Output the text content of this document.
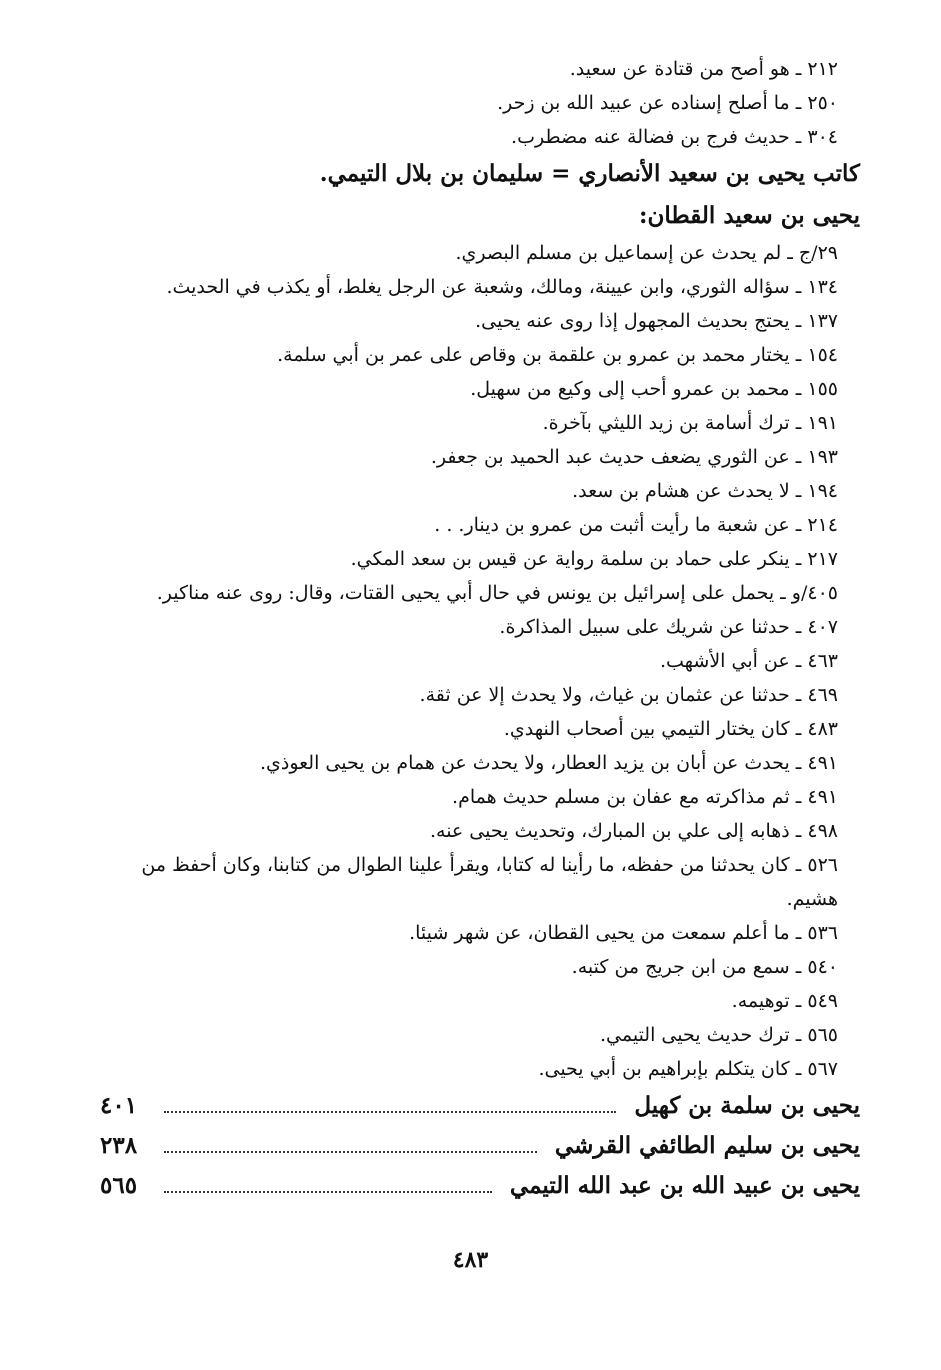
٢١٢ ـ هو أصح من قتادة عن سعيد.
٢٥٠ ـ ما أصلح إسناده عن عبيد الله بن زحر.
٣٠٤ ـ حديث فرج بن فضالة عنه مضطرب.
كاتب يحيى بن سعيد الأنصاري = سليمان بن بلال التيمي.
يحيى بن سعيد القطان:
٢٩/ج ـ لم يحدث عن إسماعيل بن مسلم البصري.
١٣٤ ـ سؤاله الثوري، وابن عيينة، ومالك، وشعبة عن الرجل يغلط، أو يكذب في الحديث.
١٣٧ ـ يحتج بحديث المجهول إذا روى عنه يحيى.
١٥٤ ـ يختار محمد بن عمرو بن علقمة بن وقاص على عمر بن أبي سلمة.
١٥٥ ـ محمد بن عمرو أحب إلى وكيع من سهيل.
١٩١ ـ ترك أسامة بن زيد الليثي بآخرة.
١٩٣ ـ عن الثوري يضعف حديث عبد الحميد بن جعفر.
١٩٤ ـ لا يحدث عن هشام بن سعد.
٢١٤ ـ عن شعبة ما رأيت أثبت من عمرو بن دينار. . .
٢١٧ ـ ينكر على حماد بن سلمة رواية عن قيس بن سعد المكي.
٤٠٥/و ـ يحمل على إسرائيل بن يونس في حال أبي يحيى القتات، وقال: روى عنه مناكير.
٤٠٧ ـ حدثنا عن شريك على سبيل المذاكرة.
٤٦٣ ـ عن أبي الأشهب.
٤٦٩ ـ حدثنا عن عثمان بن غياث، ولا يحدث إلا عن ثقة.
٤٨٣ ـ كان يختار التيمي بين أصحاب النهدي.
٤٩١ ـ يحدث عن أبان بن يزيد العطار، ولا يحدث عن همام بن يحيى العوذي.
٤٩١ ـ ثم مذاكرته مع عفان بن مسلم حديث همام.
٤٩٨ ـ ذهابه إلى علي بن المبارك، وتحديث يحيى عنه.
٥٢٦ ـ كان يحدثنا من حفظه، ما رأينا له كتابا، ويقرأ علينا الطوال من كتابنا، وكان أحفظ من هشيم.
٥٣٦ ـ ما أعلم سمعت من يحيى القطان، عن شهر شيئا.
٥٤٠ ـ سمع من ابن جريج من كتبه.
٥٤٩ ـ توهيمه.
٥٦٥ ـ ترك حديث يحيى التيمي.
٥٦٧ ـ كان يتكلم بإبراهيم بن أبي يحيى.
يحيى بن سلمة بن كهيل
٤٠١
يحيى بن سليم الطائفي القرشي
٢٣٨
يحيى بن عبيد الله بن عبد الله التيمي
٥٦٥
٤٨٣
